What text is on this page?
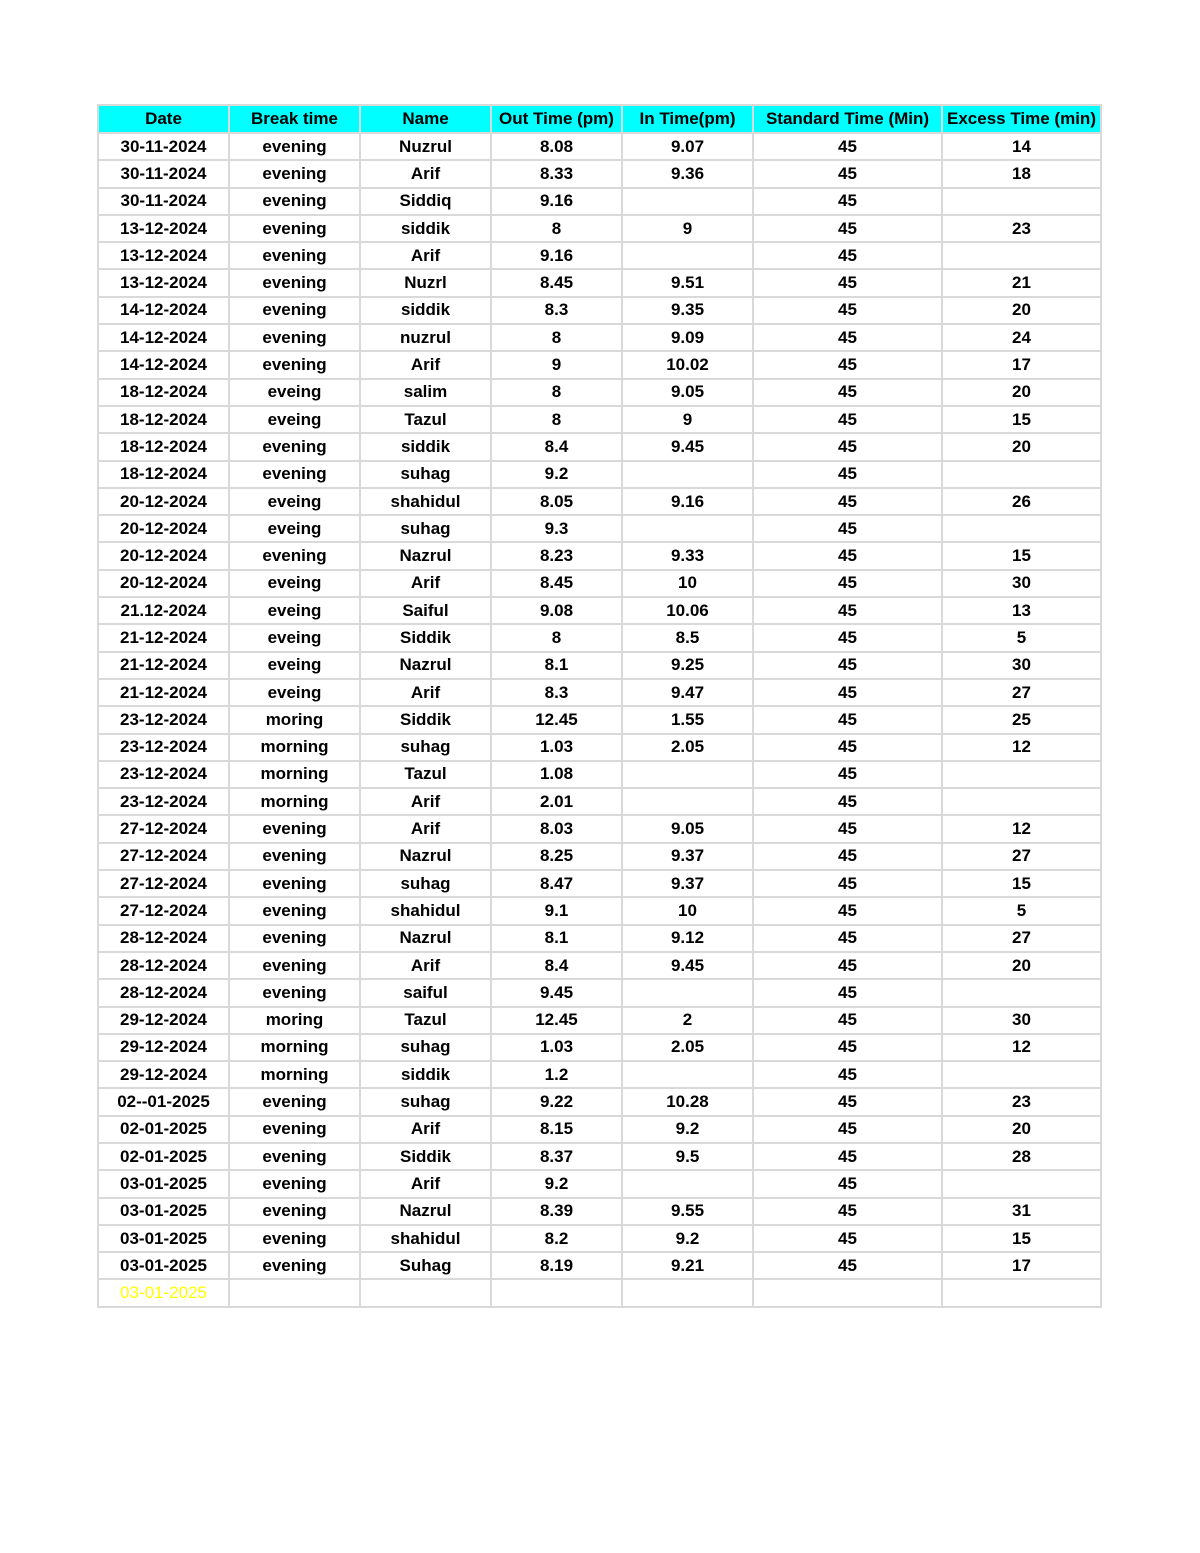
Date	Break time	Name	Out Time (pm)	In Time(pm)	Standard Time (Min)	Excess Time (min)
30-11-2024	evening	Nuzrul	8.08	9.07	45	14
30-11-2024	evening	Arif	8.33	9.36	45	18
30-11-2024	evening	Siddiq	9.16		45	
13-12-2024	evening	siddik	8	9	45	23
13-12-2024	evening	Arif	9.16		45	
13-12-2024	evening	Nuzrl	8.45	9.51	45	21
14-12-2024	evening	siddik	8.3	9.35	45	20
14-12-2024	evening	nuzrul	8	9.09	45	24
14-12-2024	evening	Arif	9	10.02	45	17
18-12-2024	eveing	salim	8	9.05	45	20
18-12-2024	eveing	Tazul	8	9	45	15
18-12-2024	evening	siddik	8.4	9.45	45	20
18-12-2024	evening	suhag	9.2		45	
20-12-2024	eveing	shahidul	8.05	9.16	45	26
20-12-2024	eveing	suhag	9.3		45	
20-12-2024	evening	Nazrul	8.23	9.33	45	15
20-12-2024	eveing	Arif	8.45	10	45	30
21.12-2024	eveing	Saiful	9.08	10.06	45	13
21-12-2024	eveing	Siddik	8	8.5	45	5
21-12-2024	eveing	Nazrul	8.1	9.25	45	30
21-12-2024	eveing	Arif	8.3	9.47	45	27
23-12-2024	moring	Siddik	12.45	1.55	45	25
23-12-2024	morning	suhag	1.03	2.05	45	12
23-12-2024	morning	Tazul	1.08		45	
23-12-2024	morning	Arif	2.01		45	
27-12-2024	evening	Arif	8.03	9.05	45	12
27-12-2024	evening	Nazrul	8.25	9.37	45	27
27-12-2024	evening	suhag	8.47	9.37	45	15
27-12-2024	evening	shahidul	9.1	10	45	5
28-12-2024	evening	Nazrul	8.1	9.12	45	27
28-12-2024	evening	Arif	8.4	9.45	45	20
28-12-2024	evening	saiful	9.45		45	
29-12-2024	moring	Tazul	12.45	2	45	30
29-12-2024	morning	suhag	1.03	2.05	45	12
29-12-2024	morning	siddik	1.2		45	
02--01-2025	evening	suhag	9.22	10.28	45	23
02-01-2025	evening	Arif	8.15	9.2	45	20
02-01-2025	evening	Siddik	8.37	9.5	45	28
03-01-2025	evening	Arif	9.2		45	
03-01-2025	evening	Nazrul	8.39	9.55	45	31
03-01-2025	evening	shahidul	8.2	9.2	45	15
03-01-2025	evening	Suhag	8.19	9.21	45	17
03-01-2025						
